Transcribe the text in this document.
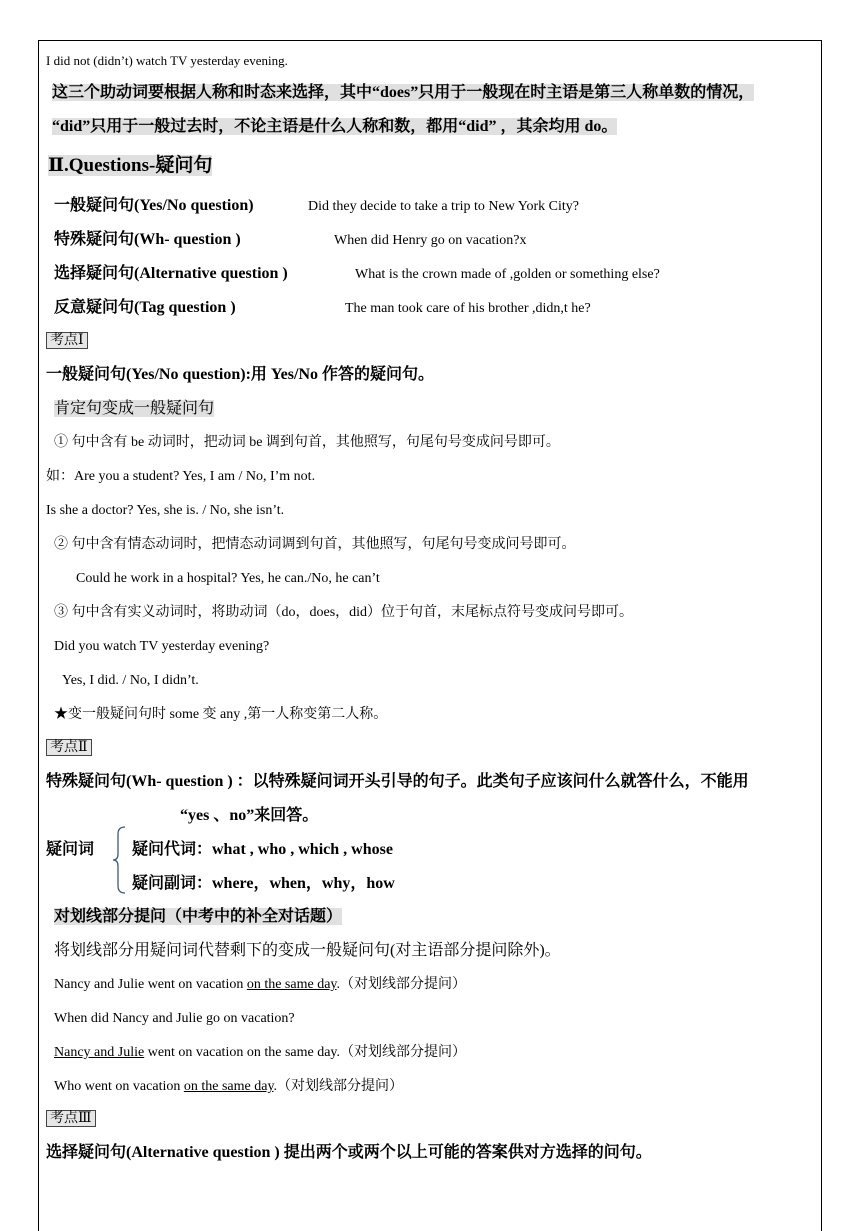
I did not (didn’t) watch TV yesterday evening.
这三个助动词要根据人称和时态来选择，其中“does”只用于一般现在时主语是第三人称单数的情况，
“did”只用于一般过去时，不论主语是什么人称和数，都用“did” ，其余均用 do。
Ⅱ.Questions-疑问句
一般疑问句(Yes/No question)	Did they decide to take a trip to New York City?
特殊疑问句(Wh- question )	When did Henry go on vacation?x
选择疑问句(Alternative question )	What is the crown made of ,golden or something else?
反意疑问句(Tag question )	The man took care of his brother ,didn,t he?
考点Ⅰ
一般疑问句(Yes/No question):用 Yes/No 作答的疑问句。
肯定句变成一般疑问句
① 句中含有 be 动词时，把动词 be 调到句首，其他照写，句尾句号变成问号即可。
如：Are you a student? Yes, I am / No, I’m not.
Is she a doctor? Yes, she is. / No, she isn’t.
② 句中含有情态动词时，把情态动词调到句首，其他照写，句尾句号变成问号即可。
Could he work in a hospital? Yes, he can./No, he can’t
③ 句中含有实义动词时，将助动词（do，does，did）位于句首，末尾标点符号变成问号即可。
Did you watch TV yesterday evening?
Yes, I did. / No, I didn’t.
★变一般疑问句时 some 变 any ,第一人称变第二人称。
考点Ⅱ
特殊疑问句(Wh- question ) ：以特殊疑问词开头引导的句子。此类句子应该问什么就答什么，不能用
“yes 、no”来回答。
疑问词 疑问代词：what , who , which , whose
疑问副词：where，when，why，how
对划线部分提问（中考中的补全对话题）
将划线部分用疑问词代替剩下的变成一般疑问句(对主语部分提问除外)。
Nancy and Julie went on vacation on the same day.（对划线部分提问）
When did Nancy and Julie go on vacation?
Nancy and Julie went on vacation on the same day.（对划线部分提问）
Who went on vacation on the same day.（对划线部分提问）
考点Ⅲ
选择疑问句(Alternative question ) 提出两个或两个以上可能的答案供对方选择的问句。
